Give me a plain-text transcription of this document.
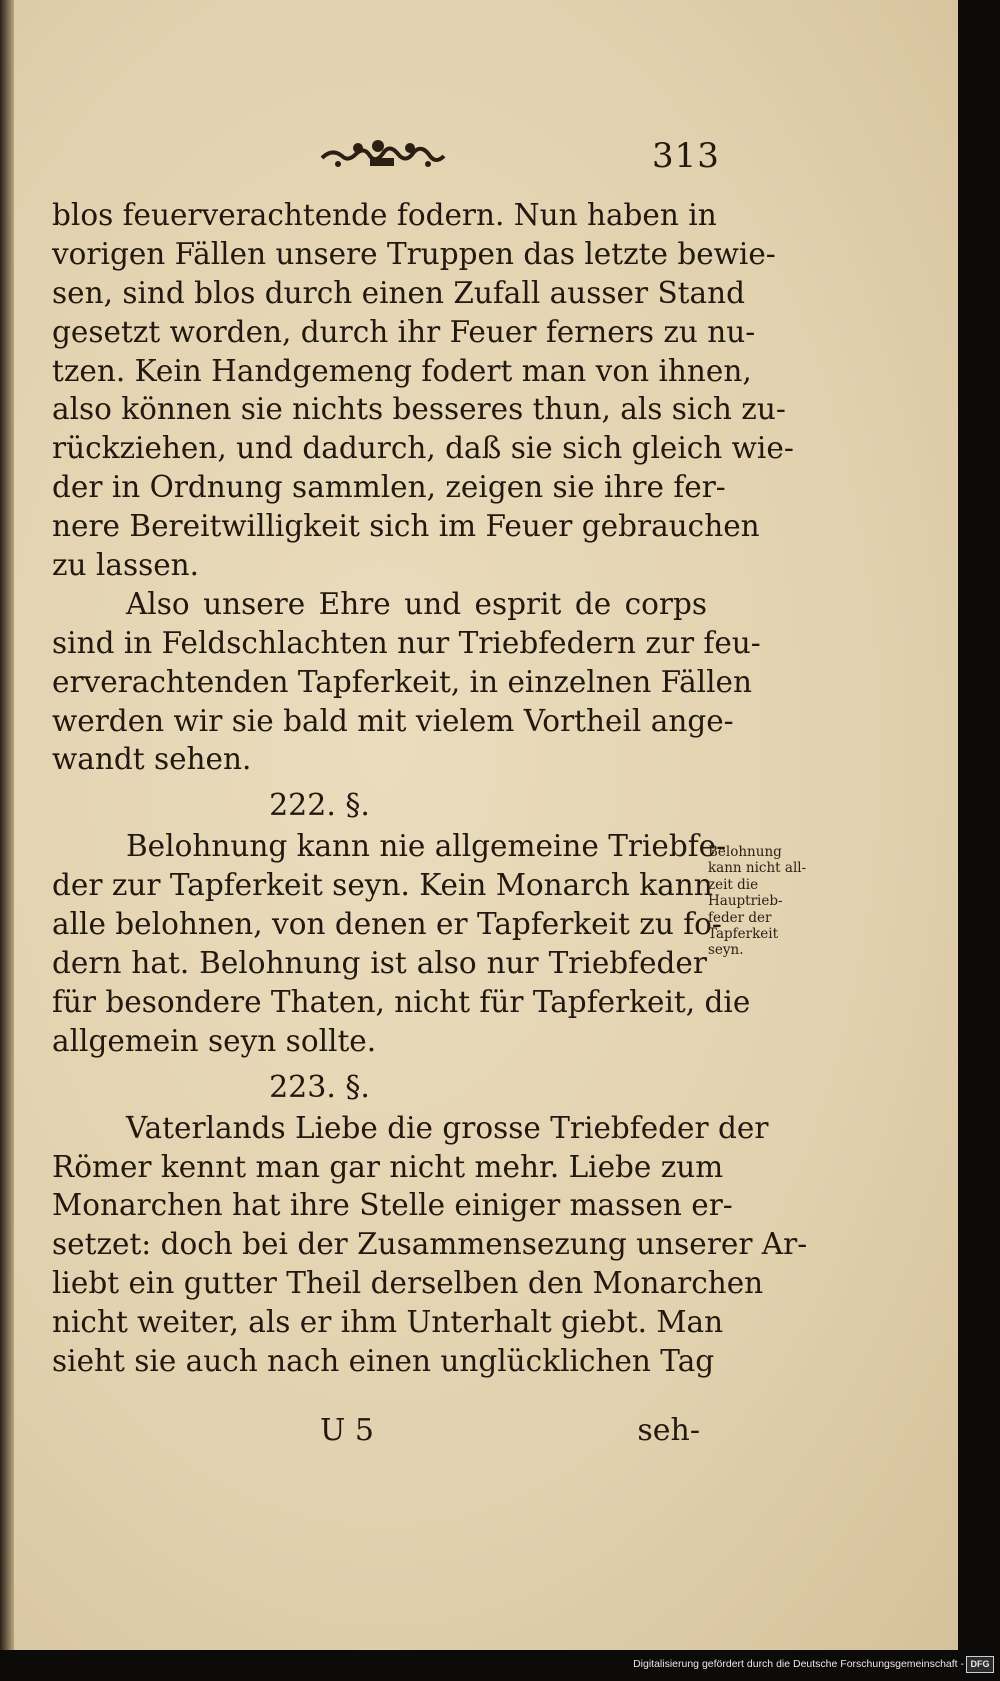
313
blos feuerverachtende fodern. Nun haben in
vorigen Fällen unsere Truppen das letzte bewie-
sen, sind blos durch einen Zufall ausser Stand
gesetzt worden, durch ihr Feuer ferners zu nu-
tzen. Kein Handgemeng fodert man von ihnen,
also können sie nichts besseres thun, als sich zu-
rückziehen, und dadurch, daß sie sich gleich wie-
der in Ordnung sammlen, zeigen sie ihre fer-
nere Bereitwilligkeit sich im Feuer gebrauchen
zu lassen.
Also unsere Ehre und esprit de corps
sind in Feldschlachten nur Triebfedern zur feu-
erverachtenden Tapferkeit, in einzelnen Fällen
werden wir sie bald mit vielem Vortheil ange-
wandt sehen.
222. §.
Belohnung kann nie allgemeine Triebfe-
der zur Tapferkeit seyn. Kein Monarch kann
alle belohnen, von denen er Tapferkeit zu fo-
dern hat. Belohnung ist also nur Triebfeder
für besondere Thaten, nicht für Tapferkeit, die
allgemein seyn sollte.
223. §.
Vaterlands Liebe die grosse Triebfeder der
Römer kennt man gar nicht mehr. Liebe zum
Monarchen hat ihre Stelle einiger massen er-
setzet: doch bei der Zusammensezung unserer Ar-
liebt ein gutter Theil derselben den Monarchen
nicht weiter, als er ihm Unterhalt giebt. Man
sieht sie auch nach einen unglücklichen Tag
Belohnung
kann nicht all-
zeit die
Hauptrieb-
feder der
Tapferkeit
seyn.
U 5	seh-
Digitalisierung gefördert durch die Deutsche Forschungsgemeinschaft - DFG
